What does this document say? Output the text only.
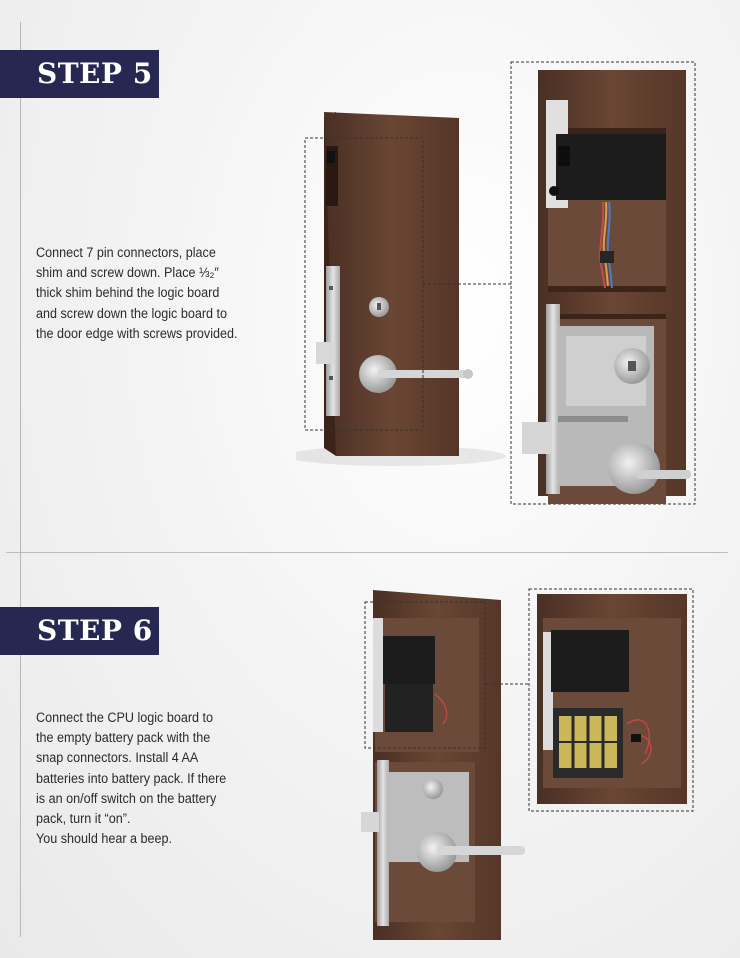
STEP 5

Connect 7 pin connectors, place
shim and screw down. Place ⅓₂″
thick shim behind the logic board
and screw down the logic board to
the door edge with screws provided.

STEP 6

Connect the CPU logic board to
the empty battery pack with the
snap connectors. Install 4 AA
batteries into battery pack. If there
is an on/off switch on the battery
pack, turn it “on”.
You should hear a beep.
